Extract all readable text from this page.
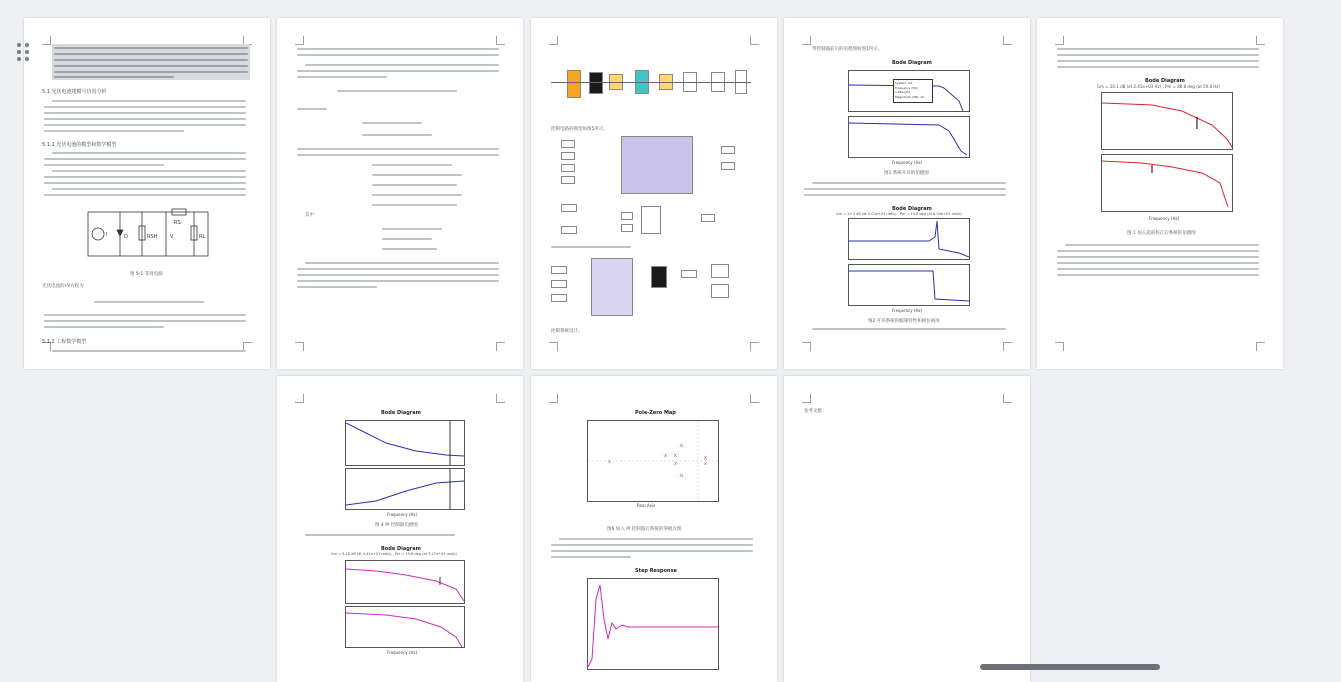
5.1 光伏电池建模与仿真分析
5.1.1 光伏电池的模型和数学模型
I	D	RSH
RS
V	RL
图 5-1 等效电路
光伏电池的I-V方程为
5.1.2 工程数学模型
其中
控制电路的模型如图5所示。
控制系统设计。
带控制器前后的伯德图如图1所示。
Bode Diagram
System: G1
Frequency (Hz): 1.65e+03
Magnitude (dB): 10
Frequency (Hz)
图1 系统开环的伯德图
Bode Diagram
Gm = 24.3 dB (at 5.02e+03 rad/s) , Pm = 15.8 deg (at 6.04e+03 rad/s)
Frequency (Hz)
图2 开环系统的幅频特性和相位裕度
Bode Diagram
Gm = 20.1 dB (at 2.45e+03 Hz) , Pm = 88.8 deg (at 59.8 Hz)
Frequency (Hz)
图 1 加入超前校正后系统的伯德图
Bode Diagram
Frequency (Hz)
图 4 PI 控制器伯德图
Bode Diagram
Gm = 6.18 dB (at 4.41e+03 rad/s) , Pm = 15.8 deg (at 3.27e+03 rad/s)
Frequency (Hz)
Pole-Zero Map
x
x x
x
x
x
o
o
Real Axis
图6 加入 PI 控制器后系统的零极点图
Step Response
参考文献：
